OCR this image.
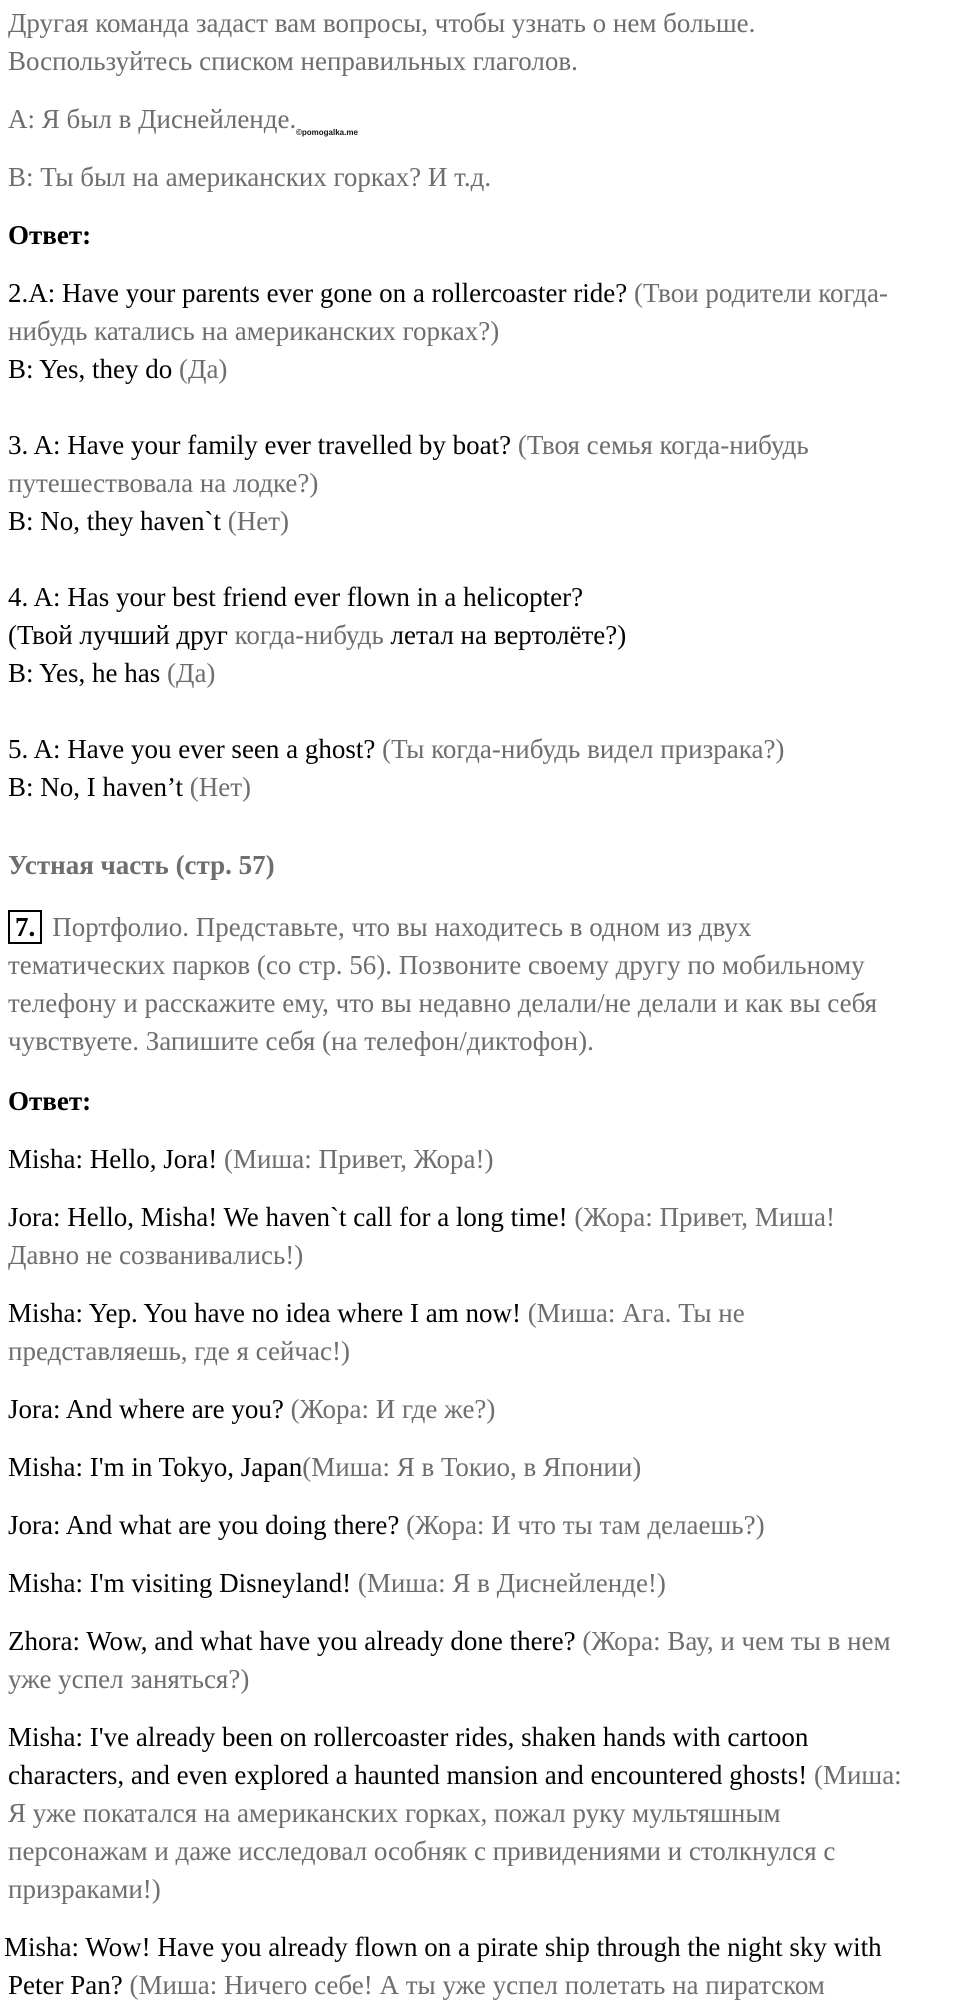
Другая команда задаст вам вопросы, чтобы узнать о нем больше.

Воспользуйтесь списком неправильных глаголов.

A: Я был в Диснейленде. ©pomogalka.me

B: Ты был на американских горках? И т.д.

Ответ:

2.A: Have your parents ever gone on a rollercoaster ride? (Твои родители когда-

нибудь катались на американских горках?)

B: Yes, they do (Да)

3. A: Have your family ever travelled by boat? (Твоя семья когда-нибудь

путешествовала на лодке?)

B: No, they haven`t (Нет)

4. A: Has your best friend ever flown in a helicopter?

(Твой лучший друг когда-нибудь летал на вертолёте?)

B: Yes, he has (Да)

5. A: Have you ever seen a ghost? (Ты когда-нибудь видел призрака?)

B: No, I haven’t (Нет)

Устная часть (стр. 57)

7. Портфолио. Представьте, что вы находитесь в одном из двух

тематических парков (со стр. 56). Позвоните своему другу по мобильному

телефону и расскажите ему, что вы недавно делали/не делали и как вы себя

чувствуете. Запишите себя (на телефон/диктофон).

Ответ:

Misha: Hello, Jora! (Миша: Привет, Жора!)

Jora: Hello, Misha! We haven`t call for a long time! (Жора: Привет, Миша!

Давно не созванивались!)

Misha: Yep. You have no idea where I am now! (Миша: Ага. Ты не

представляешь, где я сейчас!)

Jora: And where are you? (Жора: И где же?)

Misha: I'm in Tokyo, Japan(Миша: Я в Токио, в Японии)

Jora: And what are you doing there? (Жора: И что ты там делаешь?)

Misha: I'm visiting Disneyland! (Миша: Я в Диснейленде!)

Zhora: Wow, and what have you already done there? (Жора: Вау, и чем ты в нем

уже успел заняться?)

Misha: I've already been on rollercoaster rides, shaken hands with cartoon

characters, and even explored a haunted mansion and encountered ghosts! (Миша:

Я уже покатался на американских горках, пожал руку мультяшным

персонажам и даже исследовал особняк с привидениями и столкнулся с

призраками!)

Misha: Wow! Have you already flown on a pirate ship through the night sky with

Peter Pan? (Миша: Ничего себе! А ты уже успел полетать на пиратском
